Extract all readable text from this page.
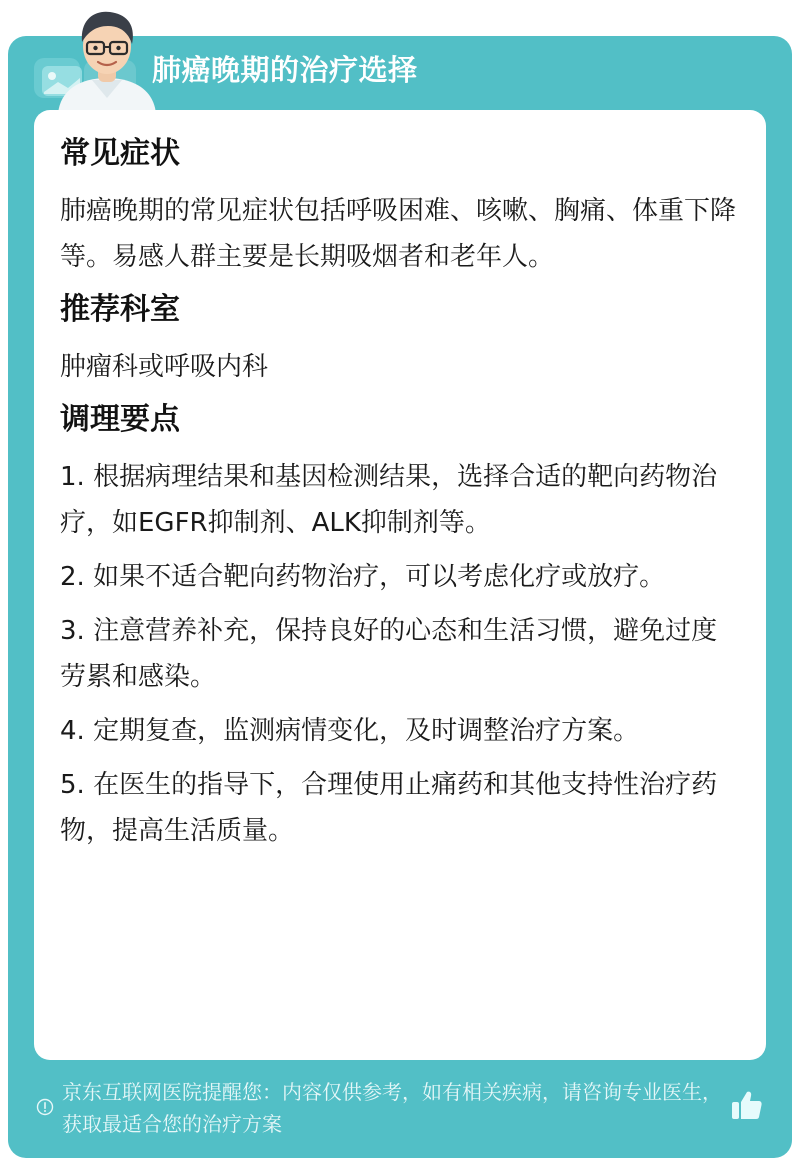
肺癌晚期的治疗选择
常见症状
肺癌晚期的常见症状包括呼吸困难、咳嗽、胸痛、体重下降等。易感人群主要是长期吸烟者和老年人。
推荐科室
肿瘤科或呼吸内科
调理要点
1. 根据病理结果和基因检测结果，选择合适的靶向药物治疗，如EGFR抑制剂、ALK抑制剂等。
2. 如果不适合靶向药物治疗，可以考虑化疗或放疗。
3. 注意营养补充，保持良好的心态和生活习惯，避免过度劳累和感染。
4. 定期复查，监测病情变化，及时调整治疗方案。
5. 在医生的指导下，合理使用止痛药和其他支持性治疗药物，提高生活质量。
京东互联网医院提醒您：内容仅供参考，如有相关疾病，请咨询专业医生，获取最适合您的治疗方案
